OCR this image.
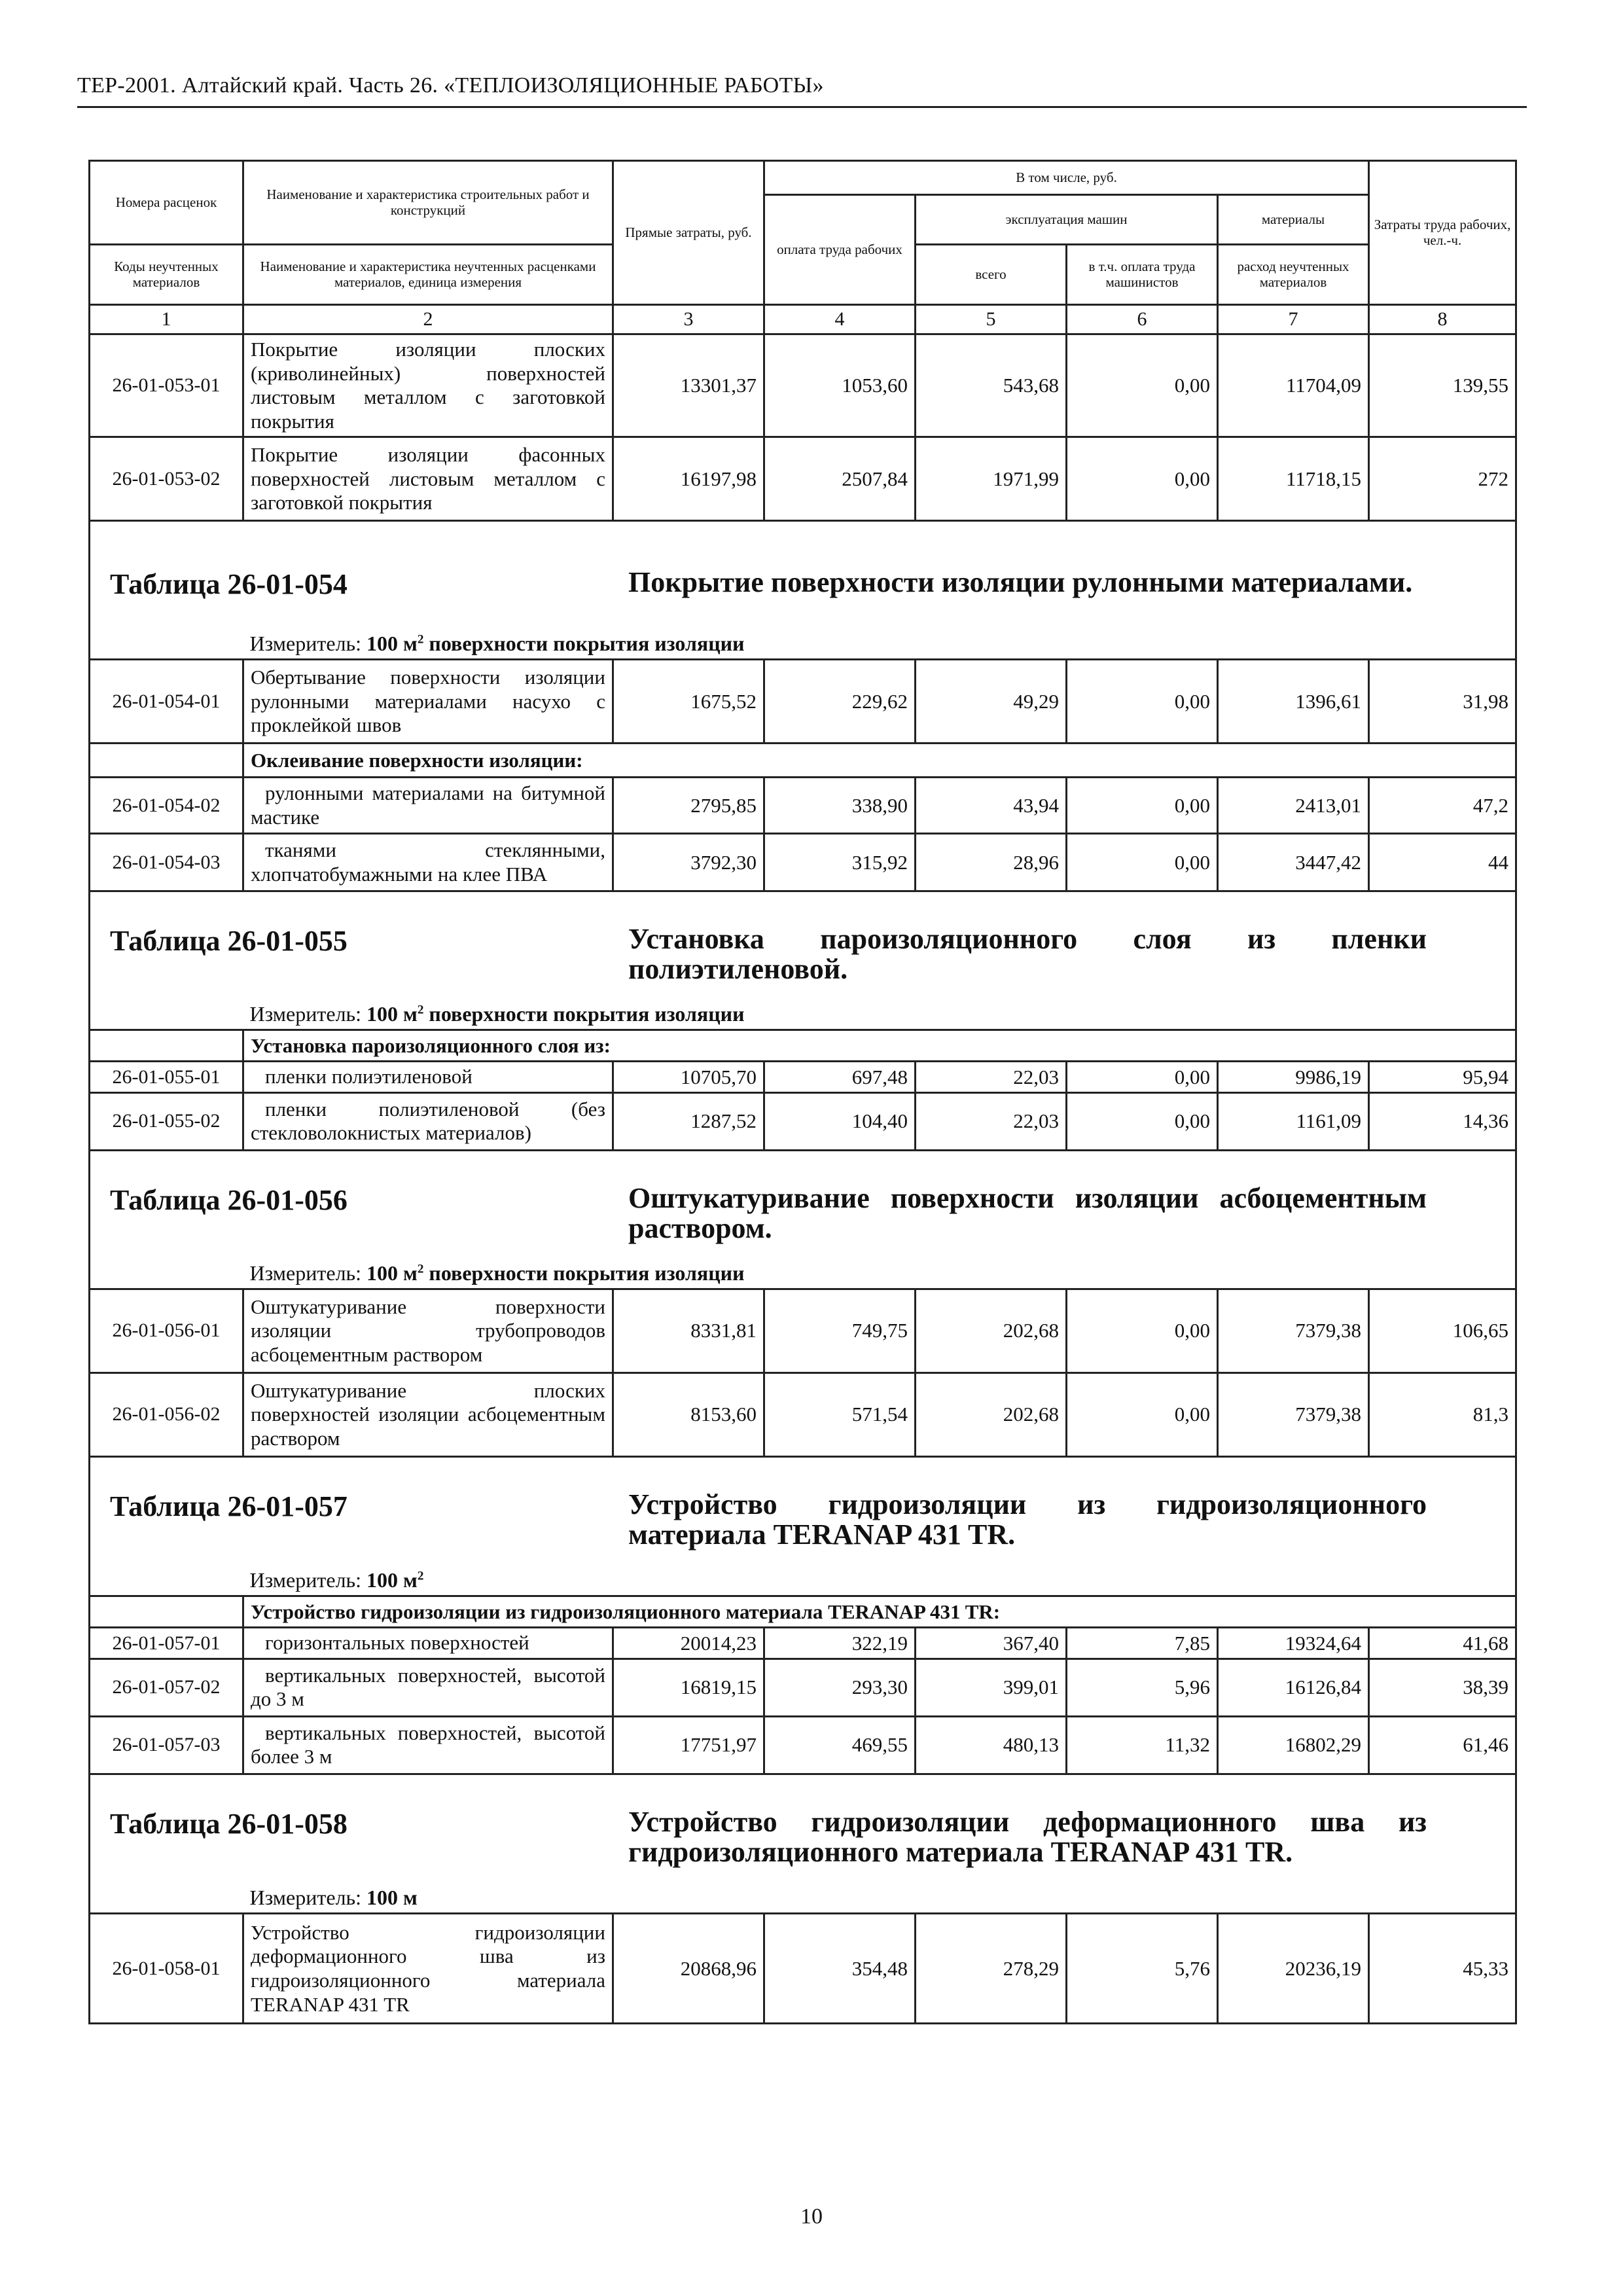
ТЕР-2001. Алтайский край. Часть 26. «ТЕПЛОИЗОЛЯЦИОННЫЕ РАБОТЫ»
Номера расценок	Наименование и характеристика строительных работ и конструкций	Прямые затраты, руб.	В том числе, руб.				Затраты труда рабочих, чел.-ч.
			оплата труда рабочих	эксплуатация машин		материалы	
Коды неучтенных материалов	Наименование и характеристика неучтенных расценками материалов, единица измерения			всего	в т.ч. оплата труда машинистов	расход неучтенных материалов	
1	2	3	4	5	6	7	8
26-01-053-01	Покрытие изоляции плоских (криволинейных) поверхностей листовым металлом с заготовкой покрытия	13301,37	1053,60	543,68	0,00	11704,09	139,55
26-01-053-02	Покрытие изоляции фасонных поверхностей листовым металлом с заготовкой покрытия	16197,98	2507,84	1971,99	0,00	11718,15	272

Таблица 26-01-054 Покрытие поверхности изоляции рулонными материалами.							

	Измеритель: 100 $м^2$ поверхности покрытия изоляции						
26-01-054-01	Обертывание поверхности изоляции рулонными материалами насухо с проклейкой швов	1675,52	229,62	49,29	0,00	1396,61	31,98
	Оклеивание поверхности изоляции:						
26-01-054-02	рулонными материалами на битумной мастике	2795,85	338,90	43,94	0,00	2413,01	47,2
26-01-054-03	тканями стеклянными, хлопчатобумажными на клее ПВА	3792,30	315,92	28,96	0,00	3447,42	44

Таблица 26-01-055 Установка пароизоляционного слоя из пленки полиэтиленовой.							

	Измеритель: 100 $м^2$ поверхности покрытия изоляции						
	Установка пароизоляционного слоя из:						
26-01-055-01	пленки полиэтиленовой	10705,70	697,48	22,03	0,00	9986,19	95,94
26-01-055-02	пленки полиэтиленовой (без стекловолокнистых материалов)	1287,52	104,40	22,03	0,00	1161,09	14,36

Таблица 26-01-056 Оштукатуривание поверхности изоляции асбоцементным раствором.							

	Измеритель: 100 $м^2$ поверхности покрытия изоляции						
26-01-056-01	Оштукатуривание поверхности изоляции трубопроводов асбоцементным раствором	8331,81	749,75	202,68	0,00	7379,38	106,65
26-01-056-02	Оштукатуривание плоских поверхностей изоляции асбоцементным раствором	8153,60	571,54	202,68	0,00	7379,38	81,3

Таблица 26-01-057 Устройство гидроизоляции из гидроизоляционного материала TERANAP 431 TR.							

	Измеритель: 100 $м^2$
	Устройство гидроизоляции из гидроизоляционного материала TERANAP 431 TR:						
26-01-057-01	горизонтальных поверхностей	20014,23	322,19	367,40	7,85	19324,64	41,68
26-01-057-02	вертикальных поверхностей, высотой до 3 м	16819,15	293,30	399,01	5,96	16126,84	38,39
26-01-057-03	вертикальных поверхностей, высотой более 3 м	17751,97	469,55	480,13	11,32	16802,29	61,46

Таблица 26-01-058 Устройство гидроизоляции деформационного шва из гидроизоляционного материала TERANAP 431 TR.							

	Измеритель: 100 м						
26-01-058-01	Устройство гидроизоляции деформационного шва из гидроизоляционного материала TERANAP 431 TR	20868,96	354,48	278,29	5,76	20236,19	45,33
10
